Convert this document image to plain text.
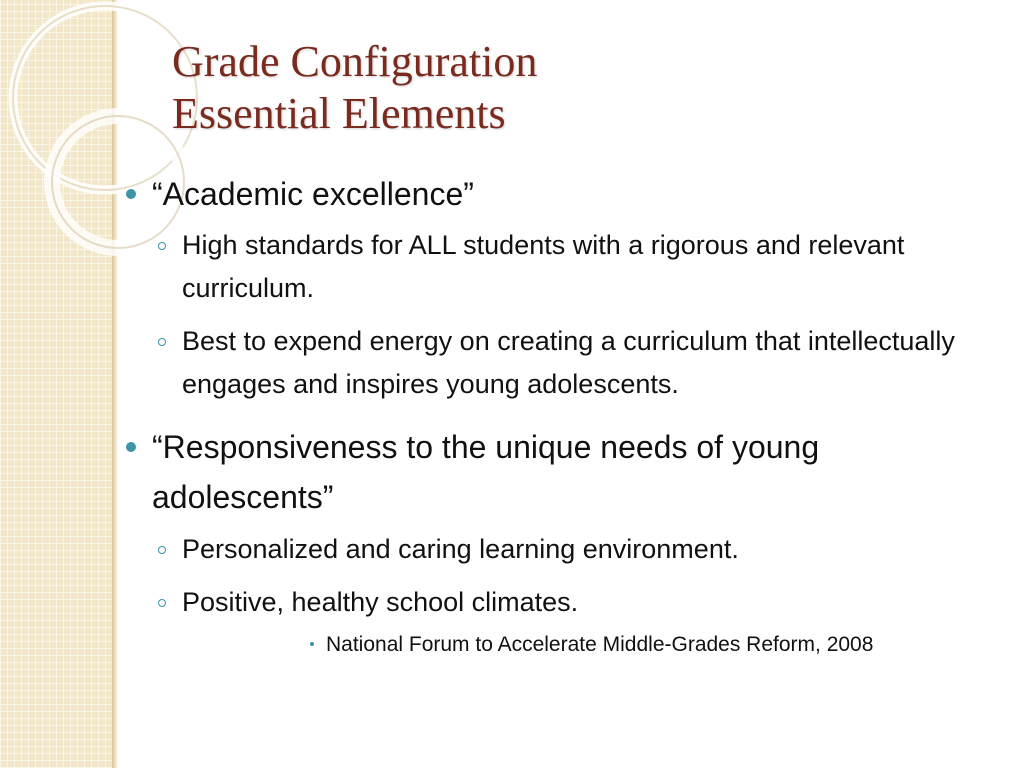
Grade Configuration
Essential Elements
“Academic excellence”
High standards for ALL students with a rigorous and relevant curriculum.
Best to expend energy on creating a curriculum that intellectually engages and inspires young adolescents.
“Responsiveness to the unique needs of young adolescents”
Personalized and caring learning environment.
Positive, healthy school climates.
National Forum to Accelerate Middle-Grades Reform, 2008
